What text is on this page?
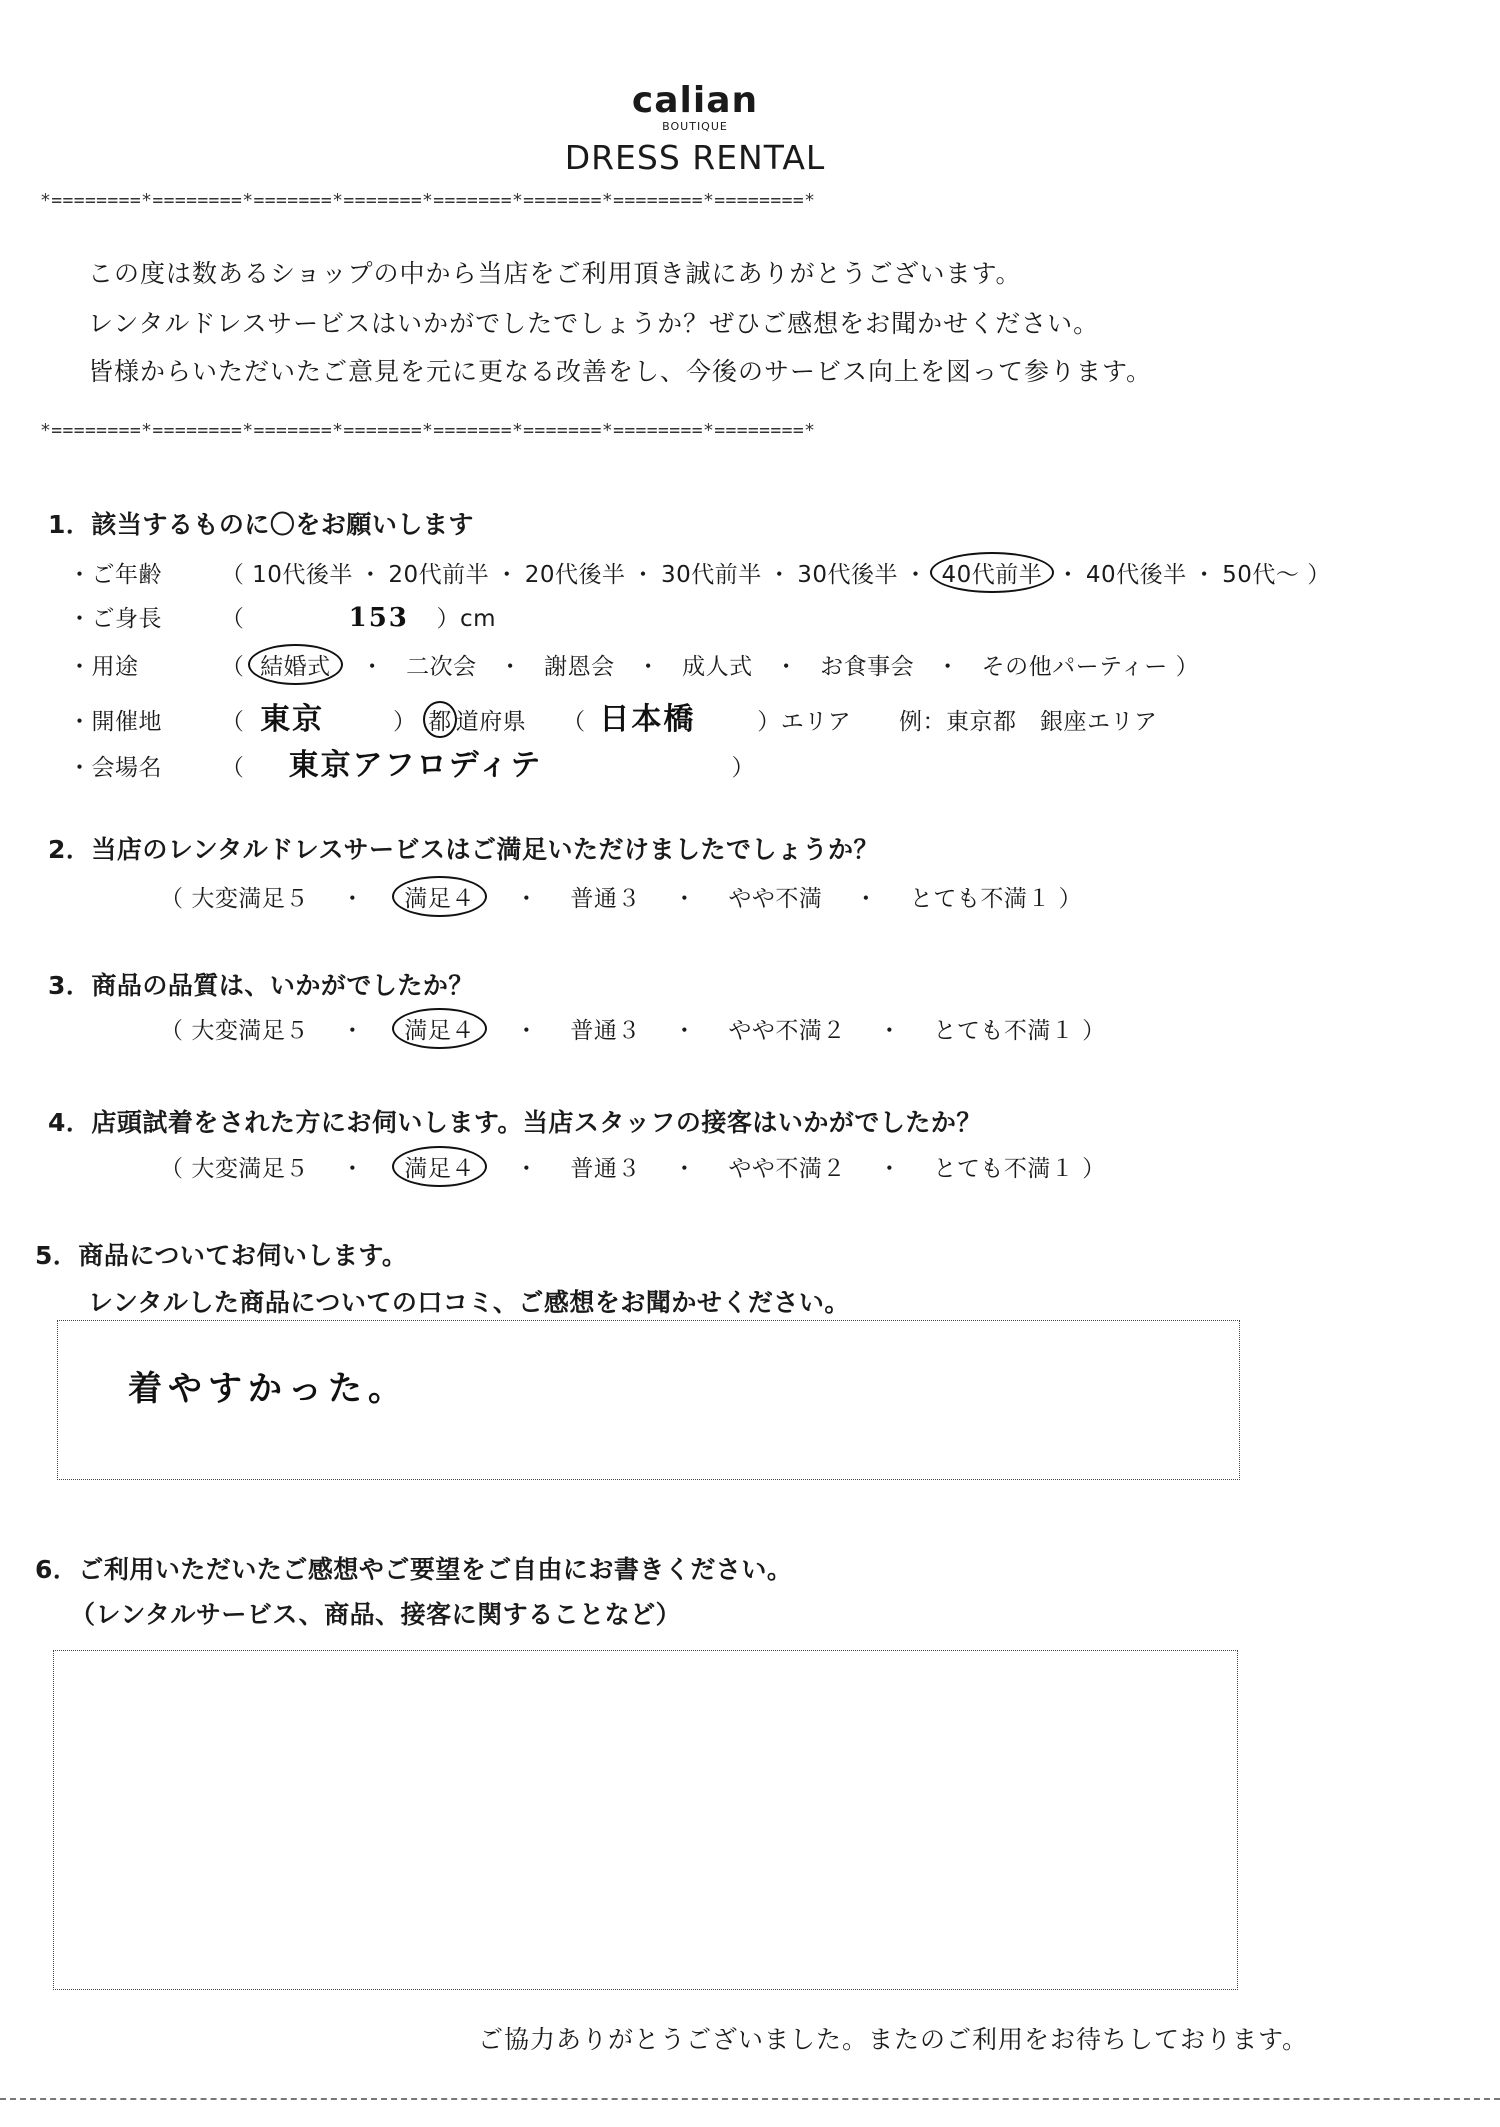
calian
BOUTIQUE
DRESS RENTAL
*========*========*=======*=======*=======*=======*========*========*
この度は数あるショップの中から当店をご利用頂き誠にありがとうございます。
レンタルドレスサービスはいかがでしたでしょうか？ぜひご感想をお聞かせください。
皆様からいただいたご意見を元に更なる改善をし、今後のサービス向上を図って参ります。
*========*========*=======*=======*=======*=======*========*========*
1．該当するものに〇をお願いします
・ご年齢	（ 10代後半 ・ 20代前半 ・ 20代後半 ・ 30代前半 ・ 30代後半 ・ 40代前半 ・ 40代後半 ・ 50代～ ）
・ご身長	（	153 ）cm
・用途	（ 結婚式 ・ 二次会 ・ 謝恩会 ・ 成人式 ・ お食事会 ・ その他パーティー ）
・開催地	（ 東京	） 都 道府県 （ 日本橋	）エリア 例：東京都　銀座エリア
・会場名	（ 東京アフロディテ	）
2．当店のレンタルドレスサービスはご満足いただけましたでしょうか？
（ 大変満足５ ・ 満足４ ・ 普通３ ・ やや不満 ・ とても不満１ ）
3．商品の品質は、いかがでしたか？
（ 大変満足５ ・ 満足４ ・ 普通３ ・ やや不満２ ・ とても不満１ ）
4．店頭試着をされた方にお伺いします。当店スタッフの接客はいかがでしたか？
（ 大変満足５ ・ 満足４ ・ 普通３ ・ やや不満２ ・ とても不満１ ）
5．商品についてお伺いします。
レンタルした商品についての口コミ、ご感想をお聞かせください。
着やすかった。
6．ご利用いただいたご感想やご要望をご自由にお書きください。
（レンタルサービス、商品、接客に関することなど）
ご協力ありがとうございました。またのご利用をお待ちしております。
